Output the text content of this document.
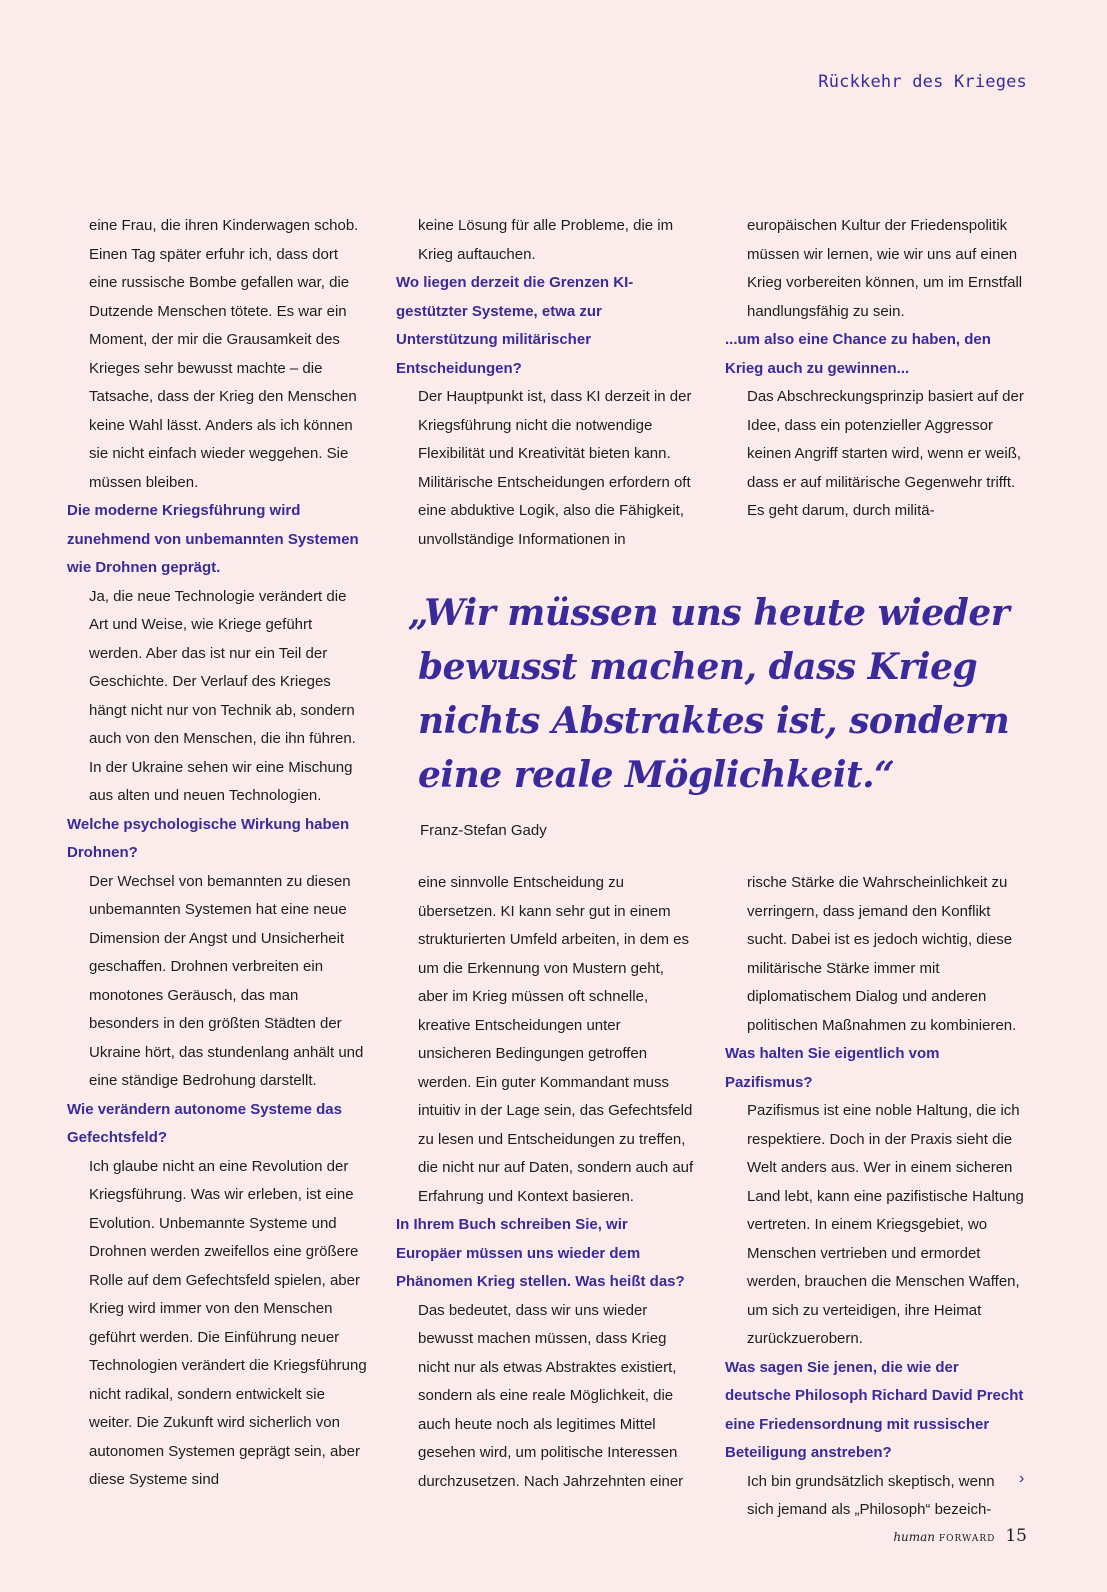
Rückkehr des Krieges
eine Frau, die ihren Kinderwagen schob. Einen Tag später erfuhr ich, dass dort eine russische Bombe gefallen war, die Dutzende Menschen tötete. Es war ein Moment, der mir die Grausamkeit des Krieges sehr bewusst machte – die Tatsache, dass der Krieg den Menschen keine Wahl lässt. Anders als ich können sie nicht einfach wieder weggehen. Sie müssen bleiben.
Die moderne Kriegsführung wird zunehmend von unbemannten Systemen wie Drohnen geprägt.
Ja, die neue Technologie verändert die Art und Weise, wie Kriege geführt werden. Aber das ist nur ein Teil der Geschichte. Der Verlauf des Krieges hängt nicht nur von Technik ab, sondern auch von den Menschen, die ihn führen. In der Ukraine sehen wir eine Mischung aus alten und neuen Technologien.
Welche psychologische Wirkung haben Drohnen?
Der Wechsel von bemannten zu diesen unbemannten Systemen hat eine neue Dimension der Angst und Unsicherheit geschaffen. Drohnen verbreiten ein monotones Geräusch, das man besonders in den größten Städten der Ukraine hört, das stundenlang anhält und eine ständige Bedrohung darstellt.
Wie verändern autonome Systeme das Gefechtsfeld?
Ich glaube nicht an eine Revolution der Kriegsführung. Was wir erleben, ist eine Evolution. Unbemannte Systeme und Drohnen werden zweifellos eine größere Rolle auf dem Gefechtsfeld spielen, aber Krieg wird immer von den Menschen geführt werden. Die Einführung neuer Technologien verändert die Kriegsführung nicht radikal, sondern entwickelt sie weiter. Die Zukunft wird sicherlich von autonomen Systemen geprägt sein, aber diese Systeme sind
keine Lösung für alle Probleme, die im Krieg auftauchen.
Wo liegen derzeit die Grenzen KI-gestützter Systeme, etwa zur Unterstützung militärischer Entscheidungen?
Der Hauptpunkt ist, dass KI derzeit in der Kriegsführung nicht die notwendige Flexibilität und Kreativität bieten kann. Militärische Entscheidungen erfordern oft eine abduktive Logik, also die Fähigkeit, unvollständige Informationen in
europäischen Kultur der Friedenspolitik müssen wir lernen, wie wir uns auf einen Krieg vorbereiten können, um im Ernstfall handlungsfähig zu sein.
...um also eine Chance zu haben, den Krieg auch zu gewinnen...
Das Abschreckungsprinzip basiert auf der Idee, dass ein potenzieller Aggressor keinen Angriff starten wird, wenn er weiß, dass er auf militärische Gegenwehr trifft. Es geht darum, durch militä-
„Wir müssen uns heute wieder bewusst machen, dass Krieg nichts Abstraktes ist, sondern eine reale Möglichkeit.“
Franz-Stefan Gady
eine sinnvolle Entscheidung zu übersetzen. KI kann sehr gut in einem strukturierten Umfeld arbeiten, in dem es um die Erkennung von Mustern geht, aber im Krieg müssen oft schnelle, kreative Entscheidungen unter unsicheren Bedingungen getroffen werden. Ein guter Kommandant muss intuitiv in der Lage sein, das Gefechtsfeld zu lesen und Entscheidungen zu treffen, die nicht nur auf Daten, sondern auch auf Erfahrung und Kontext basieren.
In Ihrem Buch schreiben Sie, wir Europäer müssen uns wieder dem Phänomen Krieg stellen. Was heißt das?
Das bedeutet, dass wir uns wieder bewusst machen müssen, dass Krieg nicht nur als etwas Abstraktes existiert, sondern als eine reale Möglichkeit, die auch heute noch als legitimes Mittel gesehen wird, um politische Interessen durchzusetzen. Nach Jahrzehnten einer
rische Stärke die Wahrscheinlichkeit zu verringern, dass jemand den Konflikt sucht. Dabei ist es jedoch wichtig, diese militärische Stärke immer mit diplomatischem Dialog und anderen politischen Maßnahmen zu kombinieren.
Was halten Sie eigentlich vom Pazifismus?
Pazifismus ist eine noble Haltung, die ich respektiere. Doch in der Praxis sieht die Welt anders aus. Wer in einem sicheren Land lebt, kann eine pazifistische Haltung vertreten. In einem Kriegsgebiet, wo Menschen vertrieben und ermordet werden, brauchen die Menschen Waffen, um sich zu verteidigen, ihre Heimat zurückzuerobern.
Was sagen Sie jenen, die wie der deutsche Philosoph Richard David Precht eine Friedensordnung mit russischer Beteiligung anstreben?
Ich bin grundsätzlich skeptisch, wenn sich jemand als „Philosoph“ bezeich-
›
human FORWARD 15
